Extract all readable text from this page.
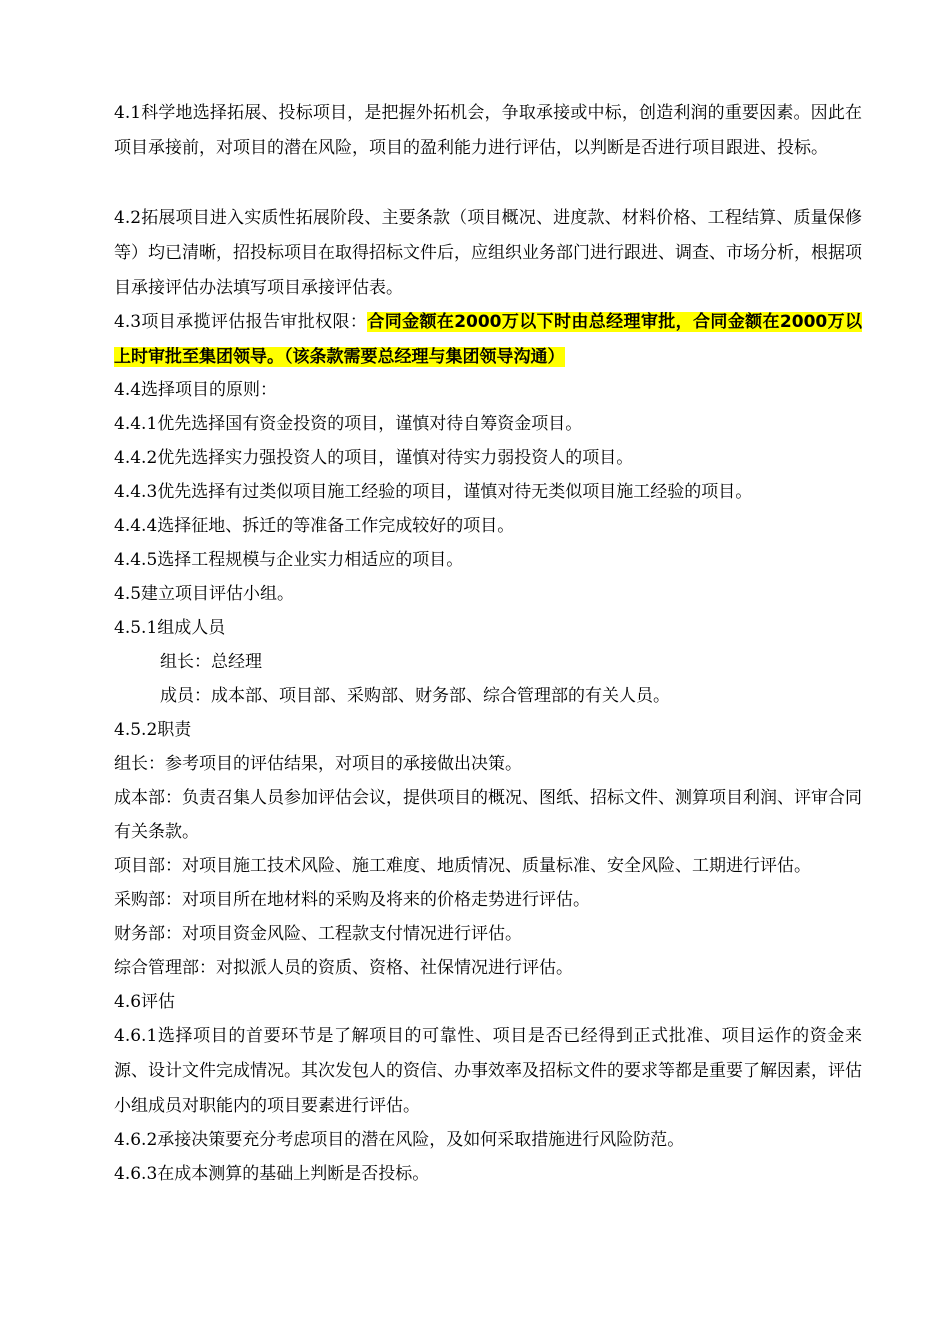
4.1科学地选择拓展、投标项目，是把握外拓机会，争取承接或中标，创造利润的重要因素。因此在项目承接前，对项目的潜在风险，项目的盈利能力进行评估，以判断是否进行项目跟进、投标。

4.2拓展项目进入实质性拓展阶段、主要条款（项目概况、进度款、材料价格、工程结算、质量保修等）均已清晰，招投标项目在取得招标文件后，应组织业务部门进行跟进、调查、市场分析，根据项目承接评估办法填写项目承接评估表。

4.3项目承揽评估报告审批权限：合同金额在2000万以下时由总经理审批，合同金额在2000万以上时审批至集团领导。（该条款需要总经理与集团领导沟通）

4.4选择项目的原则：

4.4.1优先选择国有资金投资的项目，谨慎对待自筹资金项目。

4.4.2优先选择实力强投资人的项目，谨慎对待实力弱投资人的项目。

4.4.3优先选择有过类似项目施工经验的项目，谨慎对待无类似项目施工经验的项目。

4.4.4选择征地、拆迁的等准备工作完成较好的项目。

4.4.5选择工程规模与企业实力相适应的项目。

4.5建立项目评估小组。

4.5.1组成人员

组长：总经理

成员：成本部、项目部、采购部、财务部、综合管理部的有关人员。

4.5.2职责

组长：参考项目的评估结果，对项目的承接做出决策。

成本部：负责召集人员参加评估会议，提供项目的概况、图纸、招标文件、测算项目利润、评审合同有关条款。

项目部：对项目施工技术风险、施工难度、地质情况、质量标准、安全风险、工期进行评估。

采购部：对项目所在地材料的采购及将来的价格走势进行评估。

财务部：对项目资金风险、工程款支付情况进行评估。

综合管理部：对拟派人员的资质、资格、社保情况进行评估。

4.6评估

4.6.1选择项目的首要环节是了解项目的可靠性、项目是否已经得到正式批准、项目运作的资金来源、设计文件完成情况。其次发包人的资信、办事效率及招标文件的要求等都是重要了解因素，评估小组成员对职能内的项目要素进行评估。

4.6.2承接决策要充分考虑项目的潜在风险，及如何采取措施进行风险防范。

4.6.3在成本测算的基础上判断是否投标。
